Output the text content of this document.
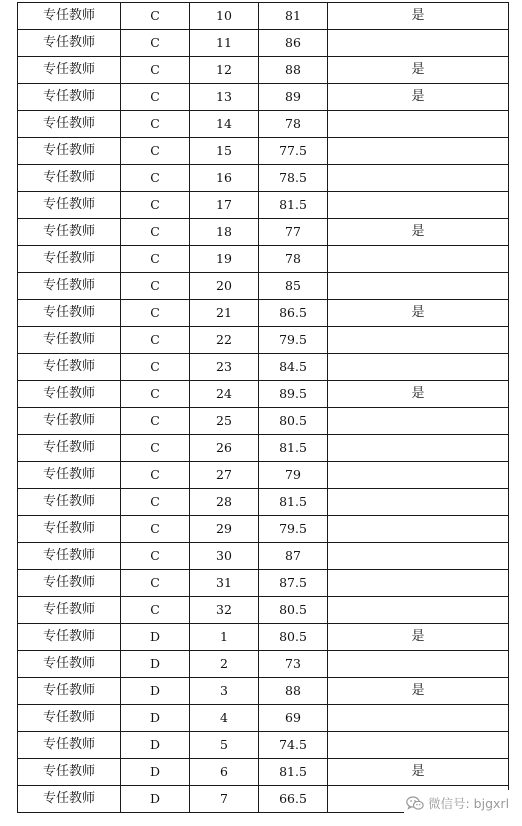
专任教师	C	10	81	是
专任教师	C	11	86	
专任教师	C	12	88	是
专任教师	C	13	89	是
专任教师	C	14	78	
专任教师	C	15	77.5	
专任教师	C	16	78.5	
专任教师	C	17	81.5	
专任教师	C	18	77	是
专任教师	C	19	78	
专任教师	C	20	85	
专任教师	C	21	86.5	是
专任教师	C	22	79.5	
专任教师	C	23	84.5	
专任教师	C	24	89.5	是
专任教师	C	25	80.5	
专任教师	C	26	81.5	
专任教师	C	27	79	
专任教师	C	28	81.5	
专任教师	C	29	79.5	
专任教师	C	30	87	
专任教师	C	31	87.5	
专任教师	C	32	80.5	
专任教师	D	1	80.5	是
专任教师	D	2	73	
专任教师	D	3	88	是
专任教师	D	4	69	
专任教师	D	5	74.5	
专任教师	D	6	81.5	是
专任教师	D	7	66.5		微信号: bjgxrl
